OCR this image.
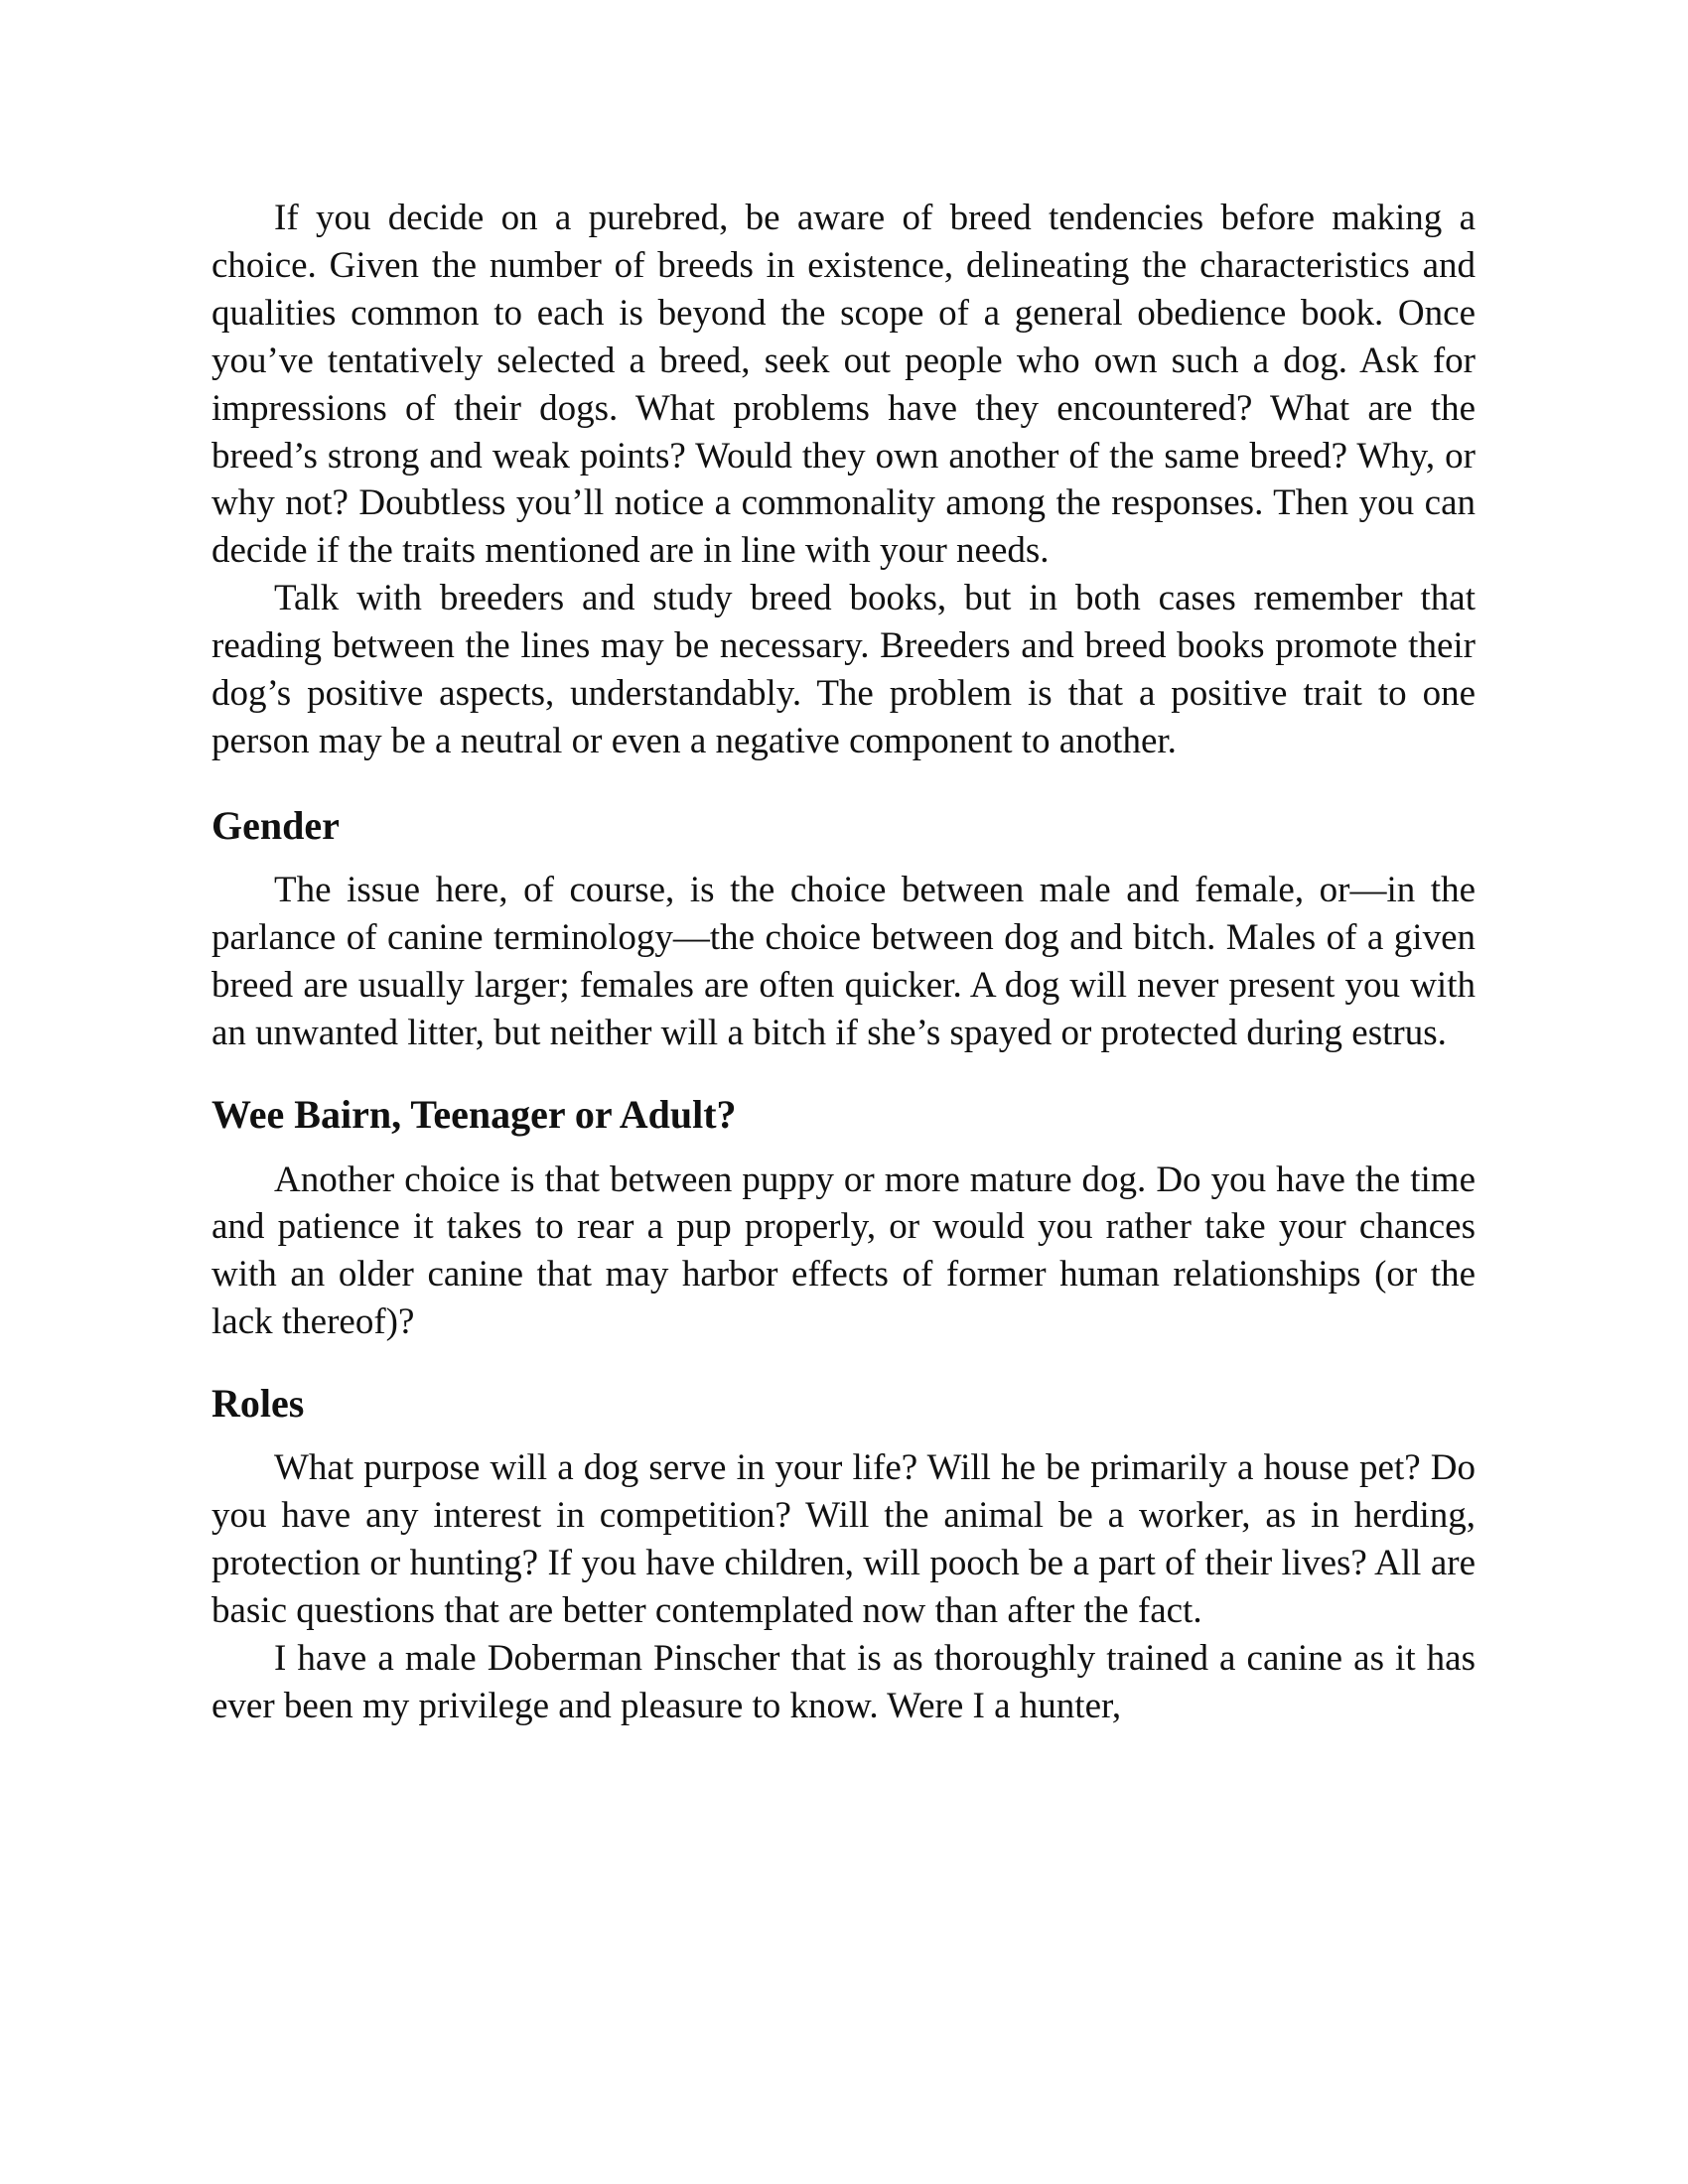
If you decide on a purebred, be aware of breed tendencies before making a choice. Given the number of breeds in existence, delineating the characteristics and qualities common to each is beyond the scope of a general obedience book. Once you’ve tentatively selected a breed, seek out people who own such a dog. Ask for impressions of their dogs. What problems have they encountered? What are the breed’s strong and weak points? Would they own another of the same breed? Why, or why not? Doubtless you’ll notice a commonality among the responses. Then you can decide if the traits mentioned are in line with your needs.

Talk with breeders and study breed books, but in both cases remember that reading between the lines may be necessary. Breeders and breed books promote their dog’s positive aspects, understandably. The problem is that a positive trait to one person may be a neutral or even a negative component to another.

Gender

The issue here, of course, is the choice between male and female, or—in the parlance of canine terminology—the choice between dog and bitch. Males of a given breed are usually larger; females are often quicker. A dog will never present you with an unwanted litter, but neither will a bitch if she’s spayed or protected during estrus.

Wee Bairn, Teenager or Adult?

Another choice is that between puppy or more mature dog. Do you have the time and patience it takes to rear a pup properly, or would you rather take your chances with an older canine that may harbor effects of former human relationships (or the lack thereof)?

Roles

What purpose will a dog serve in your life? Will he be primarily a house pet? Do you have any interest in competition? Will the animal be a worker, as in herding, protection or hunting? If you have children, will pooch be a part of their lives? All are basic questions that are better contemplated now than after the fact.

I have a male Doberman Pinscher that is as thoroughly trained a canine as it has ever been my privilege and pleasure to know. Were I a hunter,
